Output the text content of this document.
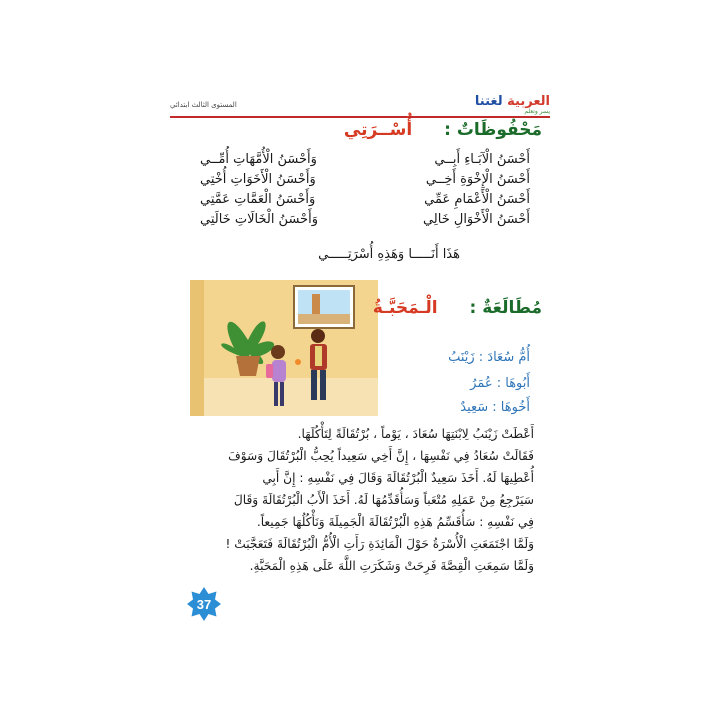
العربية لغتنا
يسر وتعلم
المستوى الثالث ابتدائي
مَحْفُوظَاتٌ : أُسْــرَتِي
أَحْسَنُ الْآبَـاءِ أَبِــي
وَأَحْسَنُ الْأُمَّهَاتِ أُمِّــي
أَحْسَنُ الْإِخْوَةِ أَخِــي
وَأَحْسَنُ الْأَخَوَاتِ أُخْتِي
أَحْسَنُ الْأَعْمَامِ عَمِّي
وَأَحْسَنُ الْعَمَّاتِ عَمَّتِي
أَحْسَنُ الْأَخْوَالِ خَالِي
وَأَحْسَنُ الْخَالَاتِ خَالَتِي
هَذَا أَنَـــــا وَهَذِهِ أُسْرَتِـــــي
مُطَالَعَةٌ : الْـمَحَبَّـةُ
أُمُّ سُعَادَ : زَيْنَبُ
أَبُوهَا : عُمَرُ
أَخُوهَا : سَعِيدٌ

أَعْطَتْ زَيْنَبُ لِابْنَتِهَا سُعَادَ ، يَوْماً ، بُرْتُقَالَةً لِتَأْكُلَهَا.

فَقَالَتْ سُعَادُ فِي نَفْسِهَا ، إِنَّ أَخِي سَعِيداً يُحِبُّ الْبُرْتُقَالَ وَسَوْفَ

أُعْطِيهَا لَهُ. أَخَذَ سَعِيدٌ الْبُرْتُقَالَةَ وَقَالَ فِي نَفْسِهِ : إِنَّ أَبِي

سَيَرْجِعُ مِنْ عَمَلِهِ مُتْعَباً وَسَأُقَدِّمُهَا لَهُ. أَخَذَ الْأَبُ الْبُرْتُقَالَةَ وَقَالَ

فِي نَفْسِهِ : سَأُقَسِّمُ هَذِهِ الْبُرْتُقَالَةَ الْجَمِيلَةَ وَنَأْكُلُهَا جَمِيعاً.

وَلَمَّا اجْتَمَعَتِ الْأُسْرَةُ حَوْلَ الْمَائِدَةِ رَأَتِ الْأُمُّ الْبُرْتُقَالَةَ فَتَعَجَّبَتْ !

وَلَمَّا سَمِعَتِ الْقِصَّةَ فَرِحَتْ وَشَكَرَتِ اللَّهَ عَلَى هَذِهِ الْمَحَبَّةِ.

37
